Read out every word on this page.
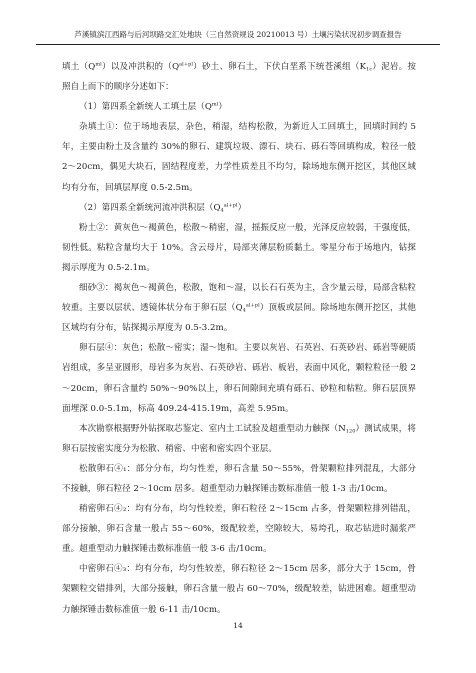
芦溪镇滨江西路与后河坝路交汇处地块（三自然资规设 20210013 号）土壤污染状况初步调查报告

填土$(Q^{ml})$以及冲洪积的$(Q^{al+pl})$砂土、卵石土，下伏白垩系下统苍溪组$(K_{1c})$泥岩。按照自上而下的顺序分述如下：

（1）第四系全新统人工填土层$(Q^{ml})$

杂填土①：位于场地表层，杂色，稍湿，结构松散，为新近人工回填土，回填时间约 5 年，主要由粉土及含量约 30%的卵石、建筑垃圾、漂石、块石、砾石等回填构成，粒径一般 2～20cm，偶见大块石，固结程度差，力学性质差且不均匀，除场地东侧开挖区，其他区域均有分布，回填层厚度 0.5-2.5m。

（2）第四系全新统河流冲洪积层$(Q_4^{al+pl})$

粉土②：黄灰色～褐黄色，松散～稍密，湿，摇振反应一般，光泽反应较弱，干强度低，韧性低。粘粒含量均大于 10%。含云母片，局部夹薄层粉质黏土。零星分布于场地内，钻探揭示厚度为 0.5-2.1m。

细砂③：褐灰色～褐黄色，松散，饱和～湿，以长石石英为主，含少量云母，局部含粘粒较重。主要以层状、透镜体状分布于卵石层$(Q_4^{al+pl})$顶板或层间。除场地东侧开挖区，其他区域均有分布，钻探揭示厚度为 0.5-3.2m。

卵石层④：灰色；松散～密实；湿～饱和。主要以灰岩、石英岩、石英砂岩、砾岩等硬质岩组成，多呈亚圆形，母岩多为灰岩、石英砂岩、砾岩、板岩，表面中风化，颗粒粒径一般 2～20cm，卵石含量约 50%～90%以上，卵石间隙间充填有砾石、砂粒和粘粒。卵石层顶界面埋深 0.0-5.1m，标高 409.24-415.19m，高差 5.95m。

本次勘察根据野外钻探取芯鉴定、室内土工试验及超重型动力触探$(N_{120})$测试成果，将卵石层按密实度分为松散、稍密、中密和密实四个亚层。

松散卵石④₁：部分分布，均匀性差，卵石含量 50～55%，骨架颗粒排列混乱，大部分不接触，卵石粒径 2～10cm 居多。超重型动力触探锤击数标准值一般 1-3 击/10cm。

稍密卵石④₂：均有分布，均匀性较差，卵石粒径 2～15cm 占多，骨架颗粒排列错乱，部分接触，卵石含量一般占 55～60%，级配较差，空隙较大，易垮孔，取芯钻进时漏浆严重。超重型动力触探锤击数标准值一般 3-6 击/10cm。

中密卵石④₃：均有分布，均匀性较差，卵石粒径 2～15cm 居多，部分大于 15cm，骨架颗粒交错排列，大部分接触，卵石含量一般占 60～70%，级配较差，钻进困难。超重型动力触探锤击数标准值一般 6-11 击/10cm。

14
